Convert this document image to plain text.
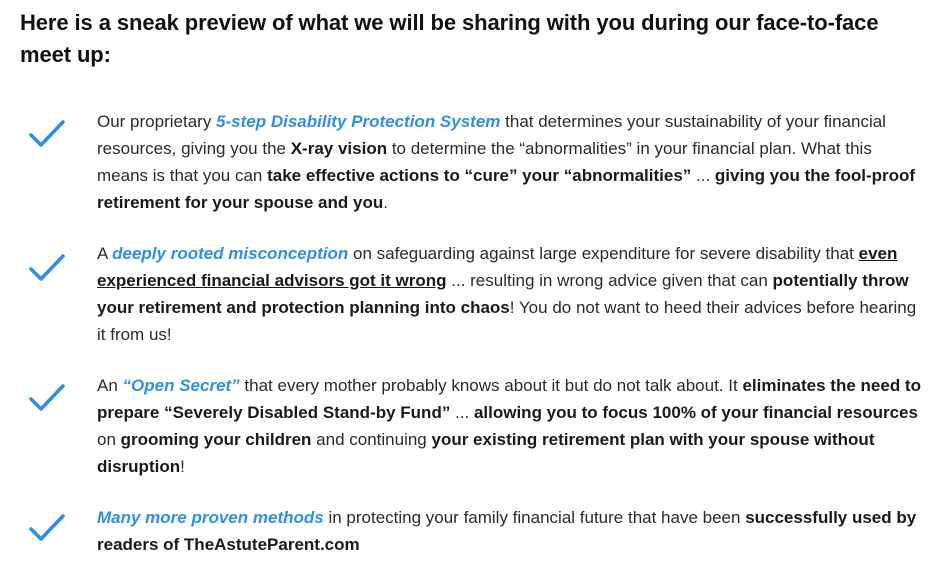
Here is a sneak preview of what we will be sharing with you during our face-to-face meet up:

Our proprietary 5-step Disability Protection System that determines your sustainability of your financial resources, giving you the X-ray vision to determine the “abnormalities” in your financial plan. What this means is that you can take effective actions to “cure” your “abnormalities” ... giving you the fool-proof retirement for your spouse and you.

A deeply rooted misconception on safeguarding against large expenditure for severe disability that even experienced financial advisors got it wrong ... resulting in wrong advice given that can potentially throw your retirement and protection planning into chaos! You do not want to heed their advices before hearing it from us!

An “Open Secret” that every mother probably knows about it but do not talk about. It eliminates the need to prepare “Severely Disabled Stand-by Fund” ... allowing you to focus 100% of your financial resources on grooming your children and continuing your existing retirement plan with your spouse without disruption!

Many more proven methods in protecting your family financial future that have been successfully used by readers of TheAstuteParent.com
